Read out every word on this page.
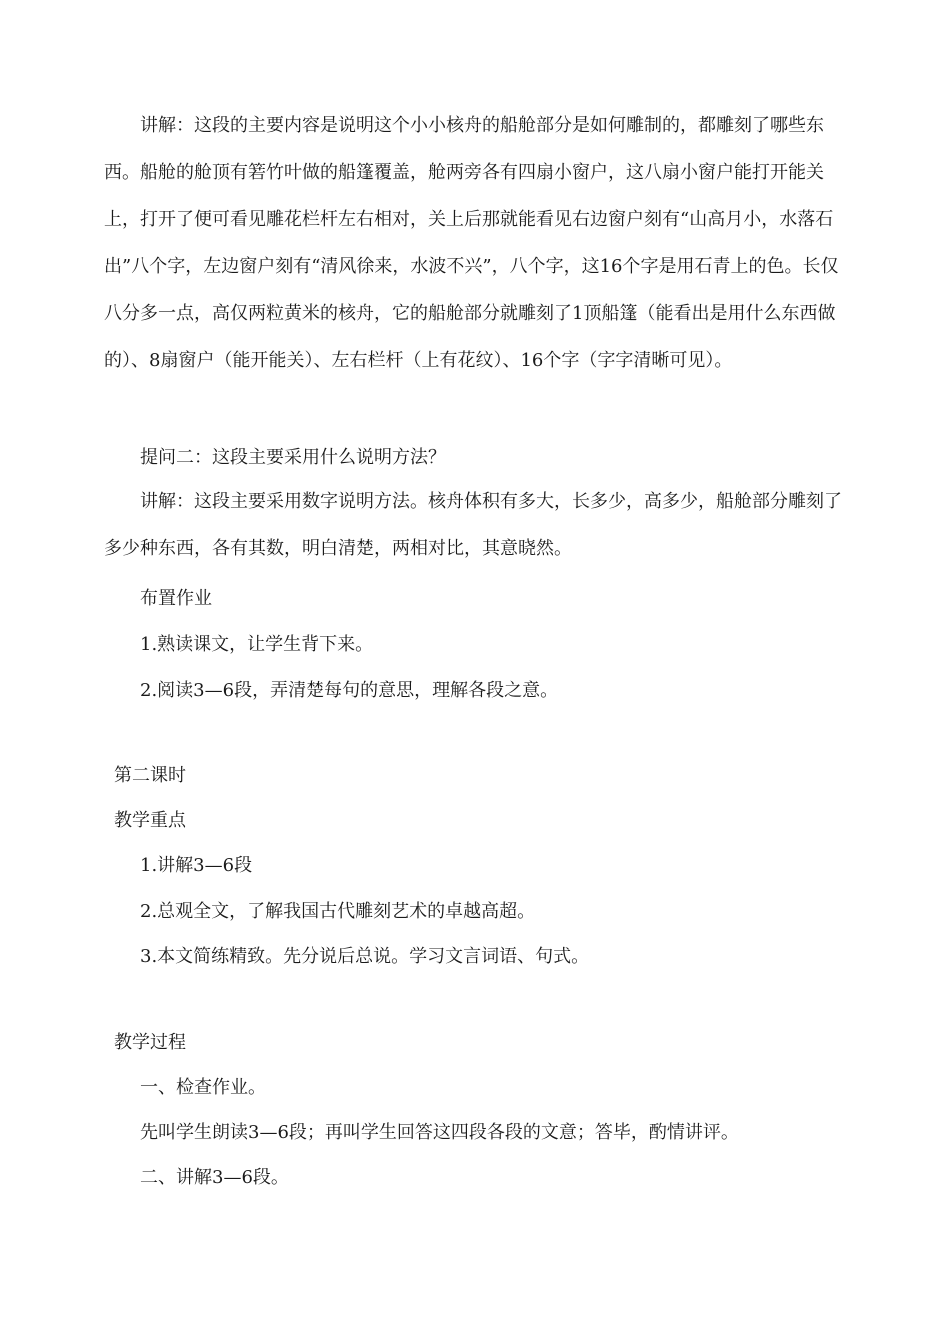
讲解：这段的主要内容是说明这个小小核舟的船舱部分是如何雕制的，都雕刻了哪些东西。船舱的舱顶有箬竹叶做的船篷覆盖，舱两旁各有四扇小窗户，这八扇小窗户能打开能关上，打开了便可看见雕花栏杆左右相对，关上后那就能看见右边窗户刻有“山高月小，水落石出”八个字，左边窗户刻有“清风徐来，水波不兴”，八个字，这16个字是用石青上的色。长仅八分多一点，高仅两粒黄米的核舟，它的船舱部分就雕刻了1顶船篷（能看出是用什么东西做的）、8扇窗户（能开能关）、左右栏杆（上有花纹）、16个字（字字清晰可见）。
提问二：这段主要采用什么说明方法？
讲解：这段主要采用数字说明方法。核舟体积有多大，长多少，高多少，船舱部分雕刻了多少种东西，各有其数，明白清楚，两相对比，其意晓然。
布置作业
1.熟读课文，让学生背下来。
2.阅读3—6段，弄清楚每句的意思，理解各段之意。
第二课时
教学重点
1.讲解3—6段
2.总观全文，了解我国古代雕刻艺术的卓越高超。
3.本文简练精致。先分说后总说。学习文言词语、句式。
教学过程
一、检查作业。
先叫学生朗读3—6段；再叫学生回答这四段各段的文意；答毕，酌情讲评。
二、讲解3—6段。
